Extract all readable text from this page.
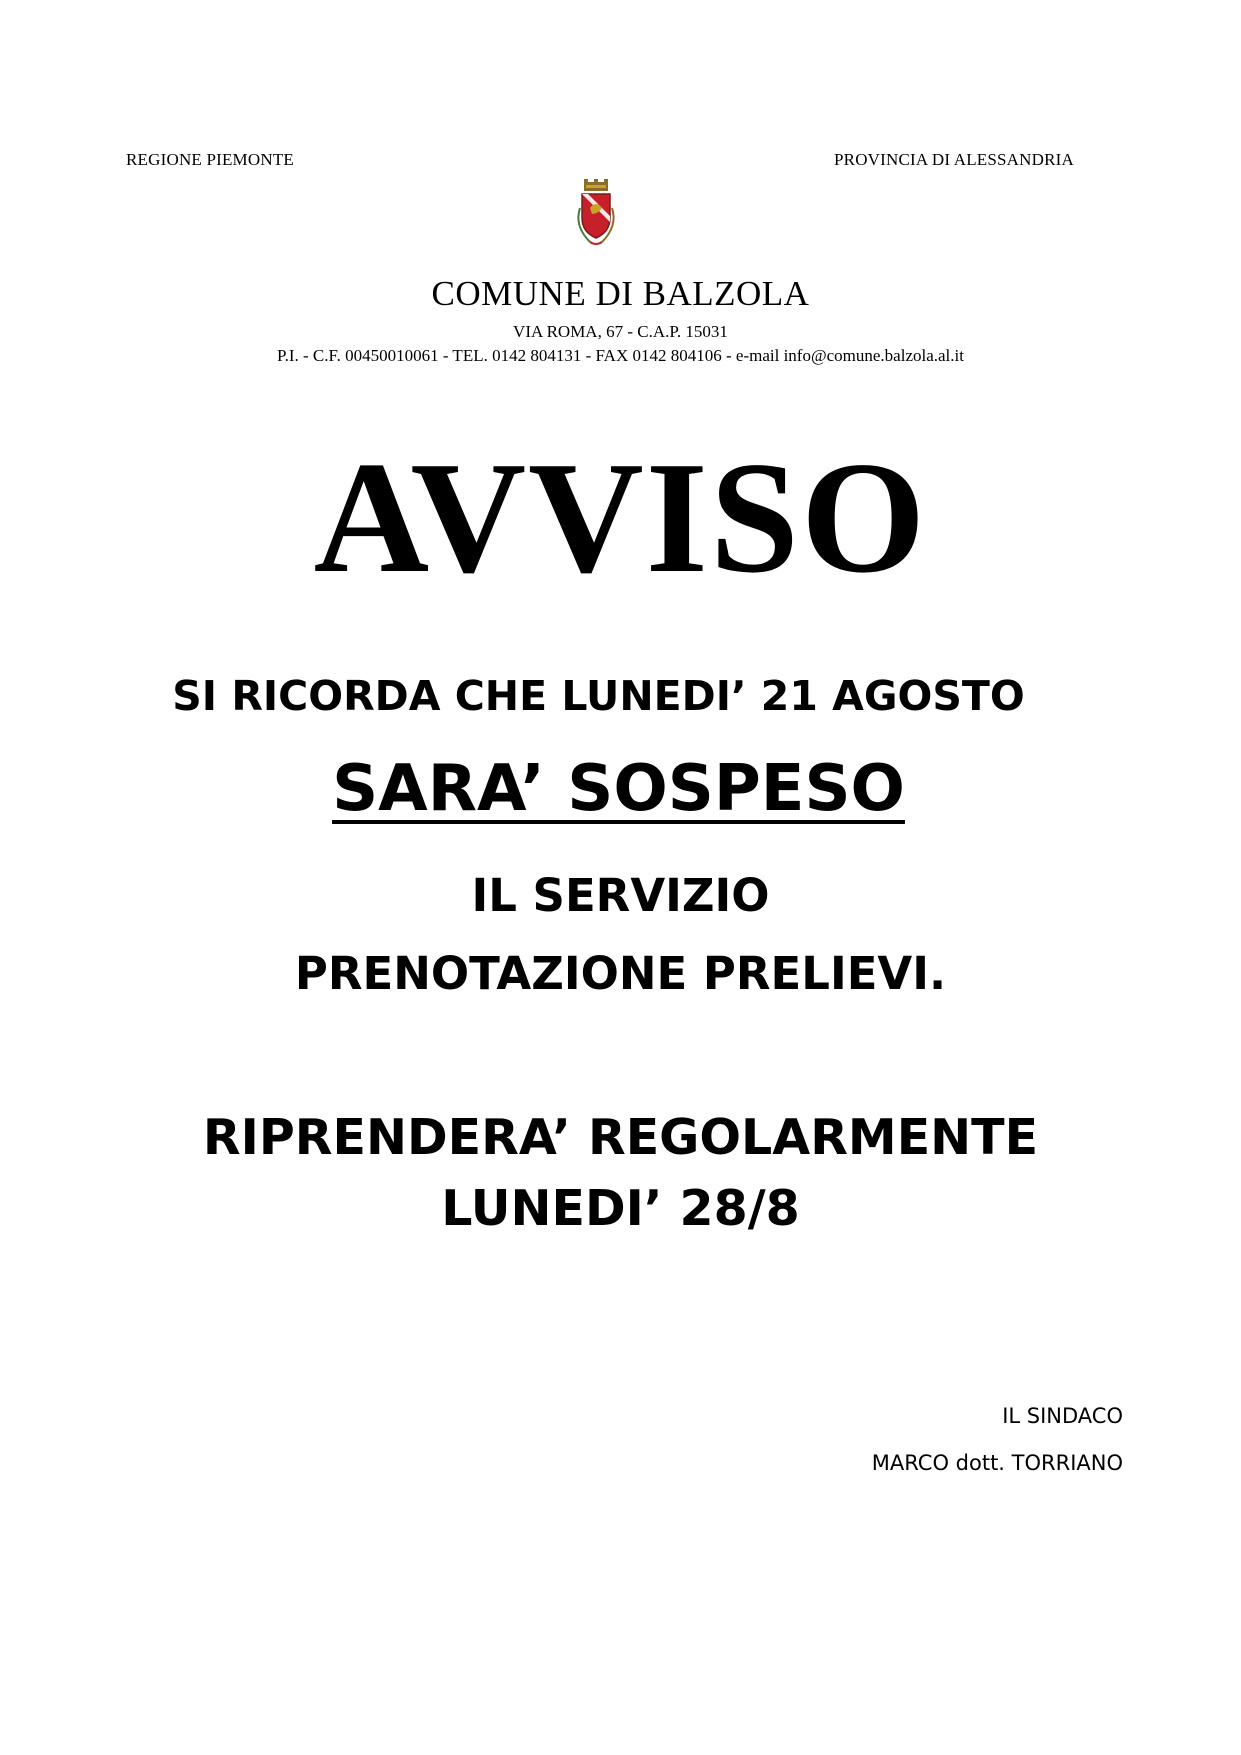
REGIONE PIEMONTE	PROVINCIA DI ALESSANDRIA
COMUNE DI BALZOLA
VIA ROMA, 67 - C.A.P. 15031
P.I. - C.F. 00450010061 - TEL. 0142 804131 - FAX 0142 804106 - e-mail info@comune.balzola.al.it
AVVISO
SI RICORDA CHE LUNEDI’ 21 AGOSTO
SARA’ SOSPESO
IL SERVIZIO
PRENOTAZIONE PRELIEVI.
RIPRENDERA’ REGOLARMENTE
LUNEDI’ 28/8
IL SINDACO
MARCO dott. TORRIANO
